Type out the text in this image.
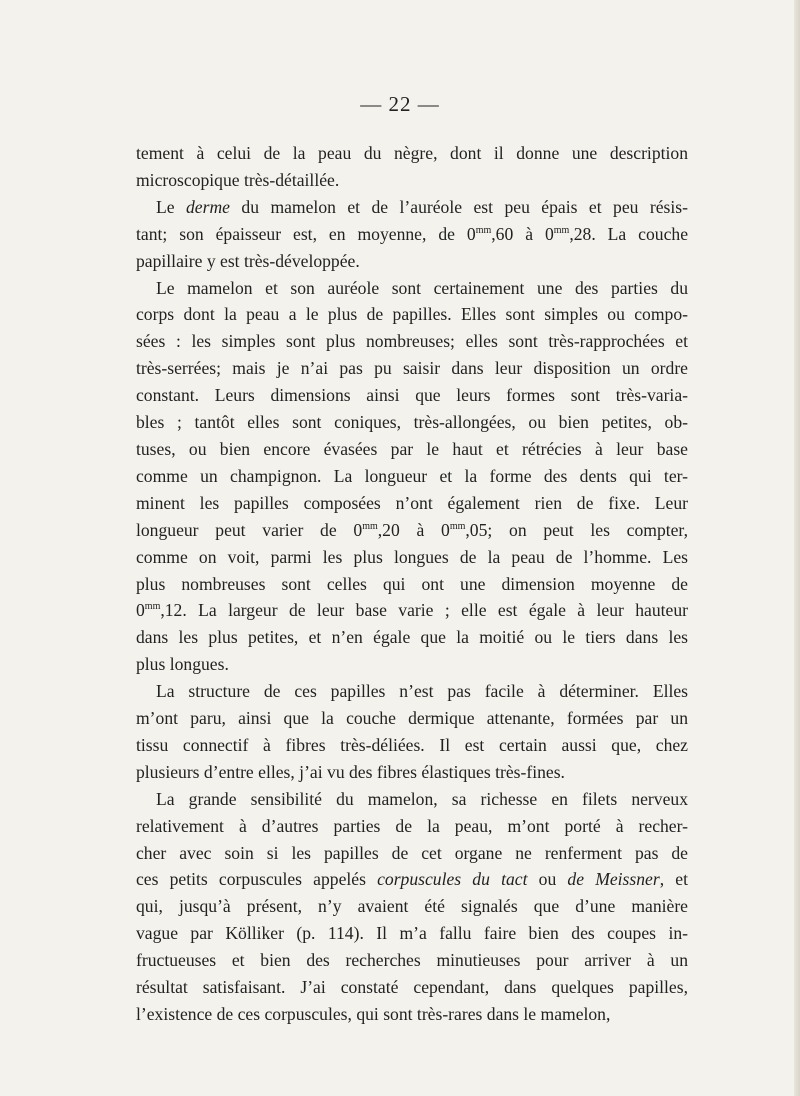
— 22 —
tement à celui de la peau du nègre, dont il donne une description
microscopique très-détaillée.
Le derme du mamelon et de l’auréole est peu épais et peu résis-
tant; son épaisseur est, en moyenne, de $0^{mm},60$ à $0^{mm},28$. La couche
papillaire y est très-développée.
Le mamelon et son auréole sont certainement une des parties du
corps dont la peau a le plus de papilles. Elles sont simples ou compo-
sées : les simples sont plus nombreuses; elles sont très-rapprochées et
très-serrées; mais je n’ai pas pu saisir dans leur disposition un ordre
constant. Leurs dimensions ainsi que leurs formes sont très-varia-
bles ; tantôt elles sont coniques, très-allongées, ou bien petites, ob-
tuses, ou bien encore évasées par le haut et rétrécies à leur base
comme un champignon. La longueur et la forme des dents qui ter-
minent les papilles composées n’ont également rien de fixe. Leur
longueur peut varier de $0^{mm},20$ à $0^{mm},05$; on peut les compter,
comme on voit, parmi les plus longues de la peau de l’homme. Les
plus nombreuses sont celles qui ont une dimension moyenne de
$0^{mm},12$. La largeur de leur base varie ; elle est égale à leur hauteur
dans les plus petites, et n’en égale que la moitié ou le tiers dans les
plus longues.
La structure de ces papilles n’est pas facile à déterminer. Elles
m’ont paru, ainsi que la couche dermique attenante, formées par un
tissu connectif à fibres très-déliées. Il est certain aussi que, chez
plusieurs d’entre elles, j’ai vu des fibres élastiques très-fines.
La grande sensibilité du mamelon, sa richesse en filets nerveux
relativement à d’autres parties de la peau, m’ont porté à recher-
cher avec soin si les papilles de cet organe ne renferment pas de
ces petits corpuscules appelés corpuscules du tact ou de Meissner, et
qui, jusqu’à présent, n’y avaient été signalés que d’une manière
vague par Kölliker (p. 114). Il m’a fallu faire bien des coupes in-
fructueuses et bien des recherches minutieuses pour arriver à un
résultat satisfaisant. J’ai constaté cependant, dans quelques papilles,
l’existence de ces corpuscules, qui sont très-rares dans le mamelon,
